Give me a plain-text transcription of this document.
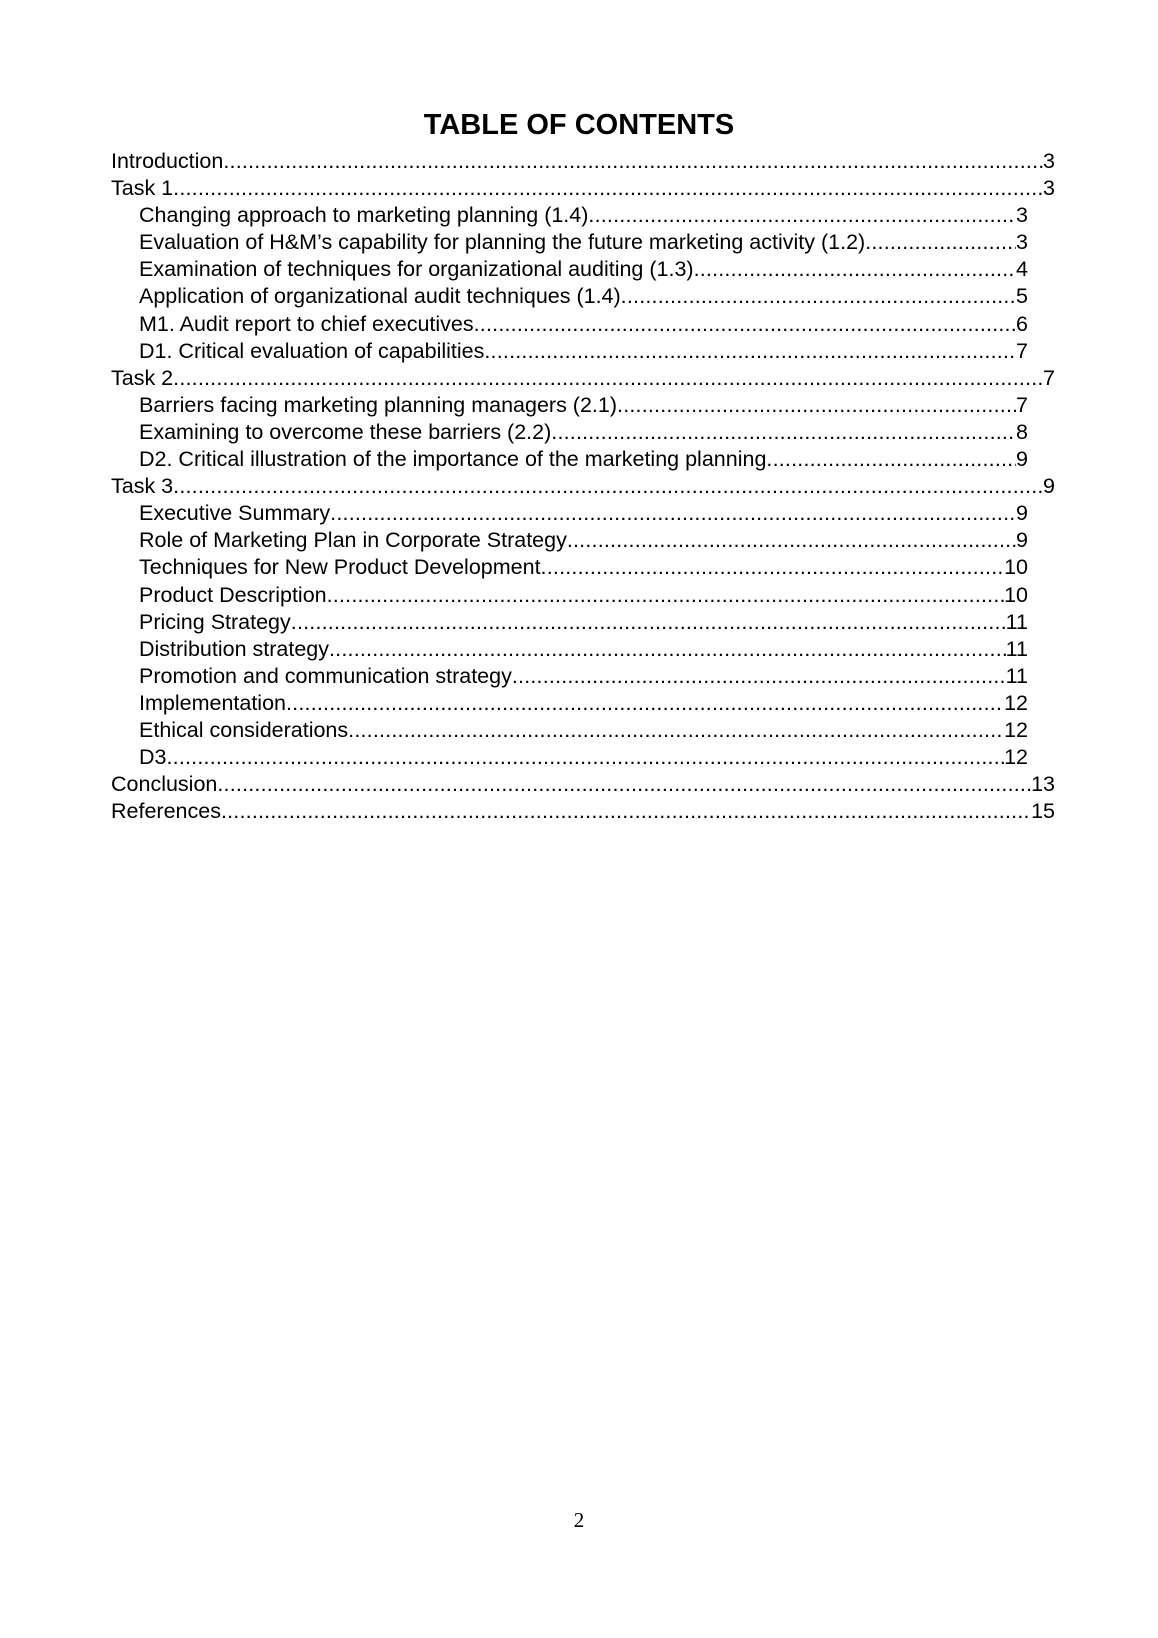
TABLE OF CONTENTS
Introduction .....	3
Task 1 .....	3
Changing approach to marketing planning (1.4) .....	3
Evaluation of H&M’s capability for planning the future marketing activity (1.2) .....	3
Examination of techniques for organizational auditing (1.3) .....	4
Application of organizational audit techniques (1.4) .....	5
M1. Audit report to chief executives .....	6
D1. Critical evaluation of capabilities .....	7
Task 2 .....	7
Barriers facing marketing planning managers (2.1) .....	7
Examining to overcome these barriers (2.2) .....	8
D2. Critical illustration of the importance of the marketing planning .....	9
Task 3 .....	9
Executive Summary .....	9
Role of Marketing Plan in Corporate Strategy .....	9
Techniques for New Product Development .....	10
Product Description .....	10
Pricing Strategy .....	11
Distribution strategy .....	11
Promotion and communication strategy .....	11
Implementation .....	12
Ethical considerations .....	12
D3 .....	12
Conclusion .....	13
References .....	15
2
